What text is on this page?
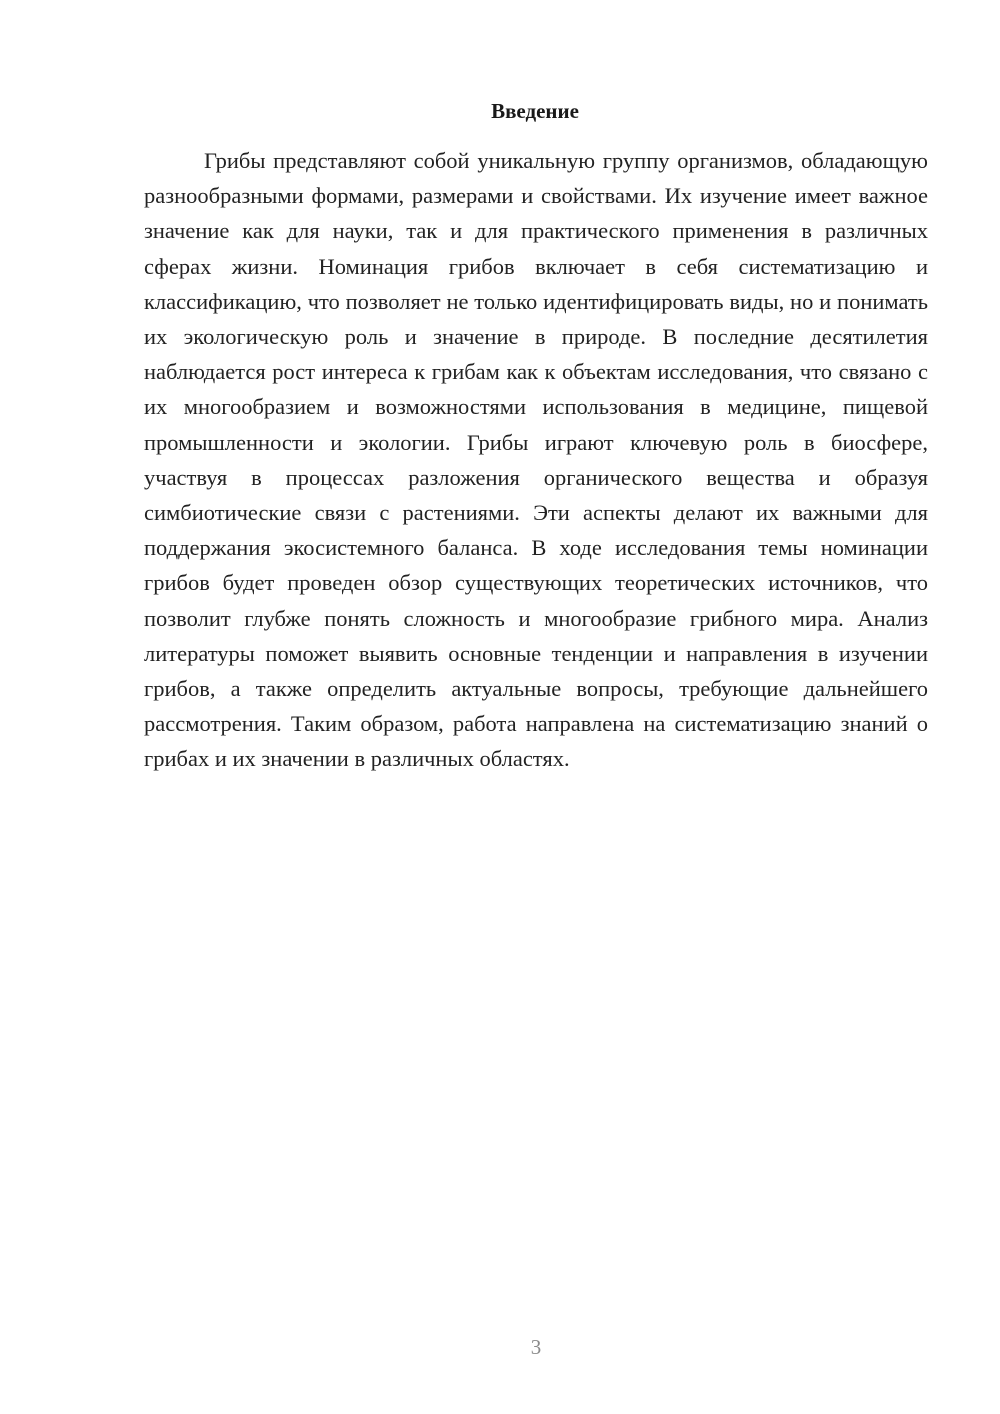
Введение

Грибы представляют собой уникальную группу организмов, обладающую разнообразными формами, размерами и свойствами. Их изучение имеет важное значение как для науки, так и для практического применения в различных сферах жизни. Номинация грибов включает в себя систематизацию и классификацию, что позволяет не только идентифицировать виды, но и понимать их экологическую роль и значение в природе. В последние десятилетия наблюдается рост интереса к грибам как к объектам исследования, что связано с их многообразием и возможностями использования в медицине, пищевой промышленности и экологии. Грибы играют ключевую роль в биосфере, участвуя в процессах разложения органического вещества и образуя симбиотические связи с растениями. Эти аспекты делают их важными для поддержания экосистемного баланса. В ходе исследования темы номинации грибов будет проведен обзор существующих теоретических источников, что позволит глубже понять сложность и многообразие грибного мира. Анализ литературы поможет выявить основные тенденции и направления в изучении грибов, а также определить актуальные вопросы, требующие дальнейшего рассмотрения. Таким образом, работа направлена на систематизацию знаний о грибах и их значении в различных областях.

3
